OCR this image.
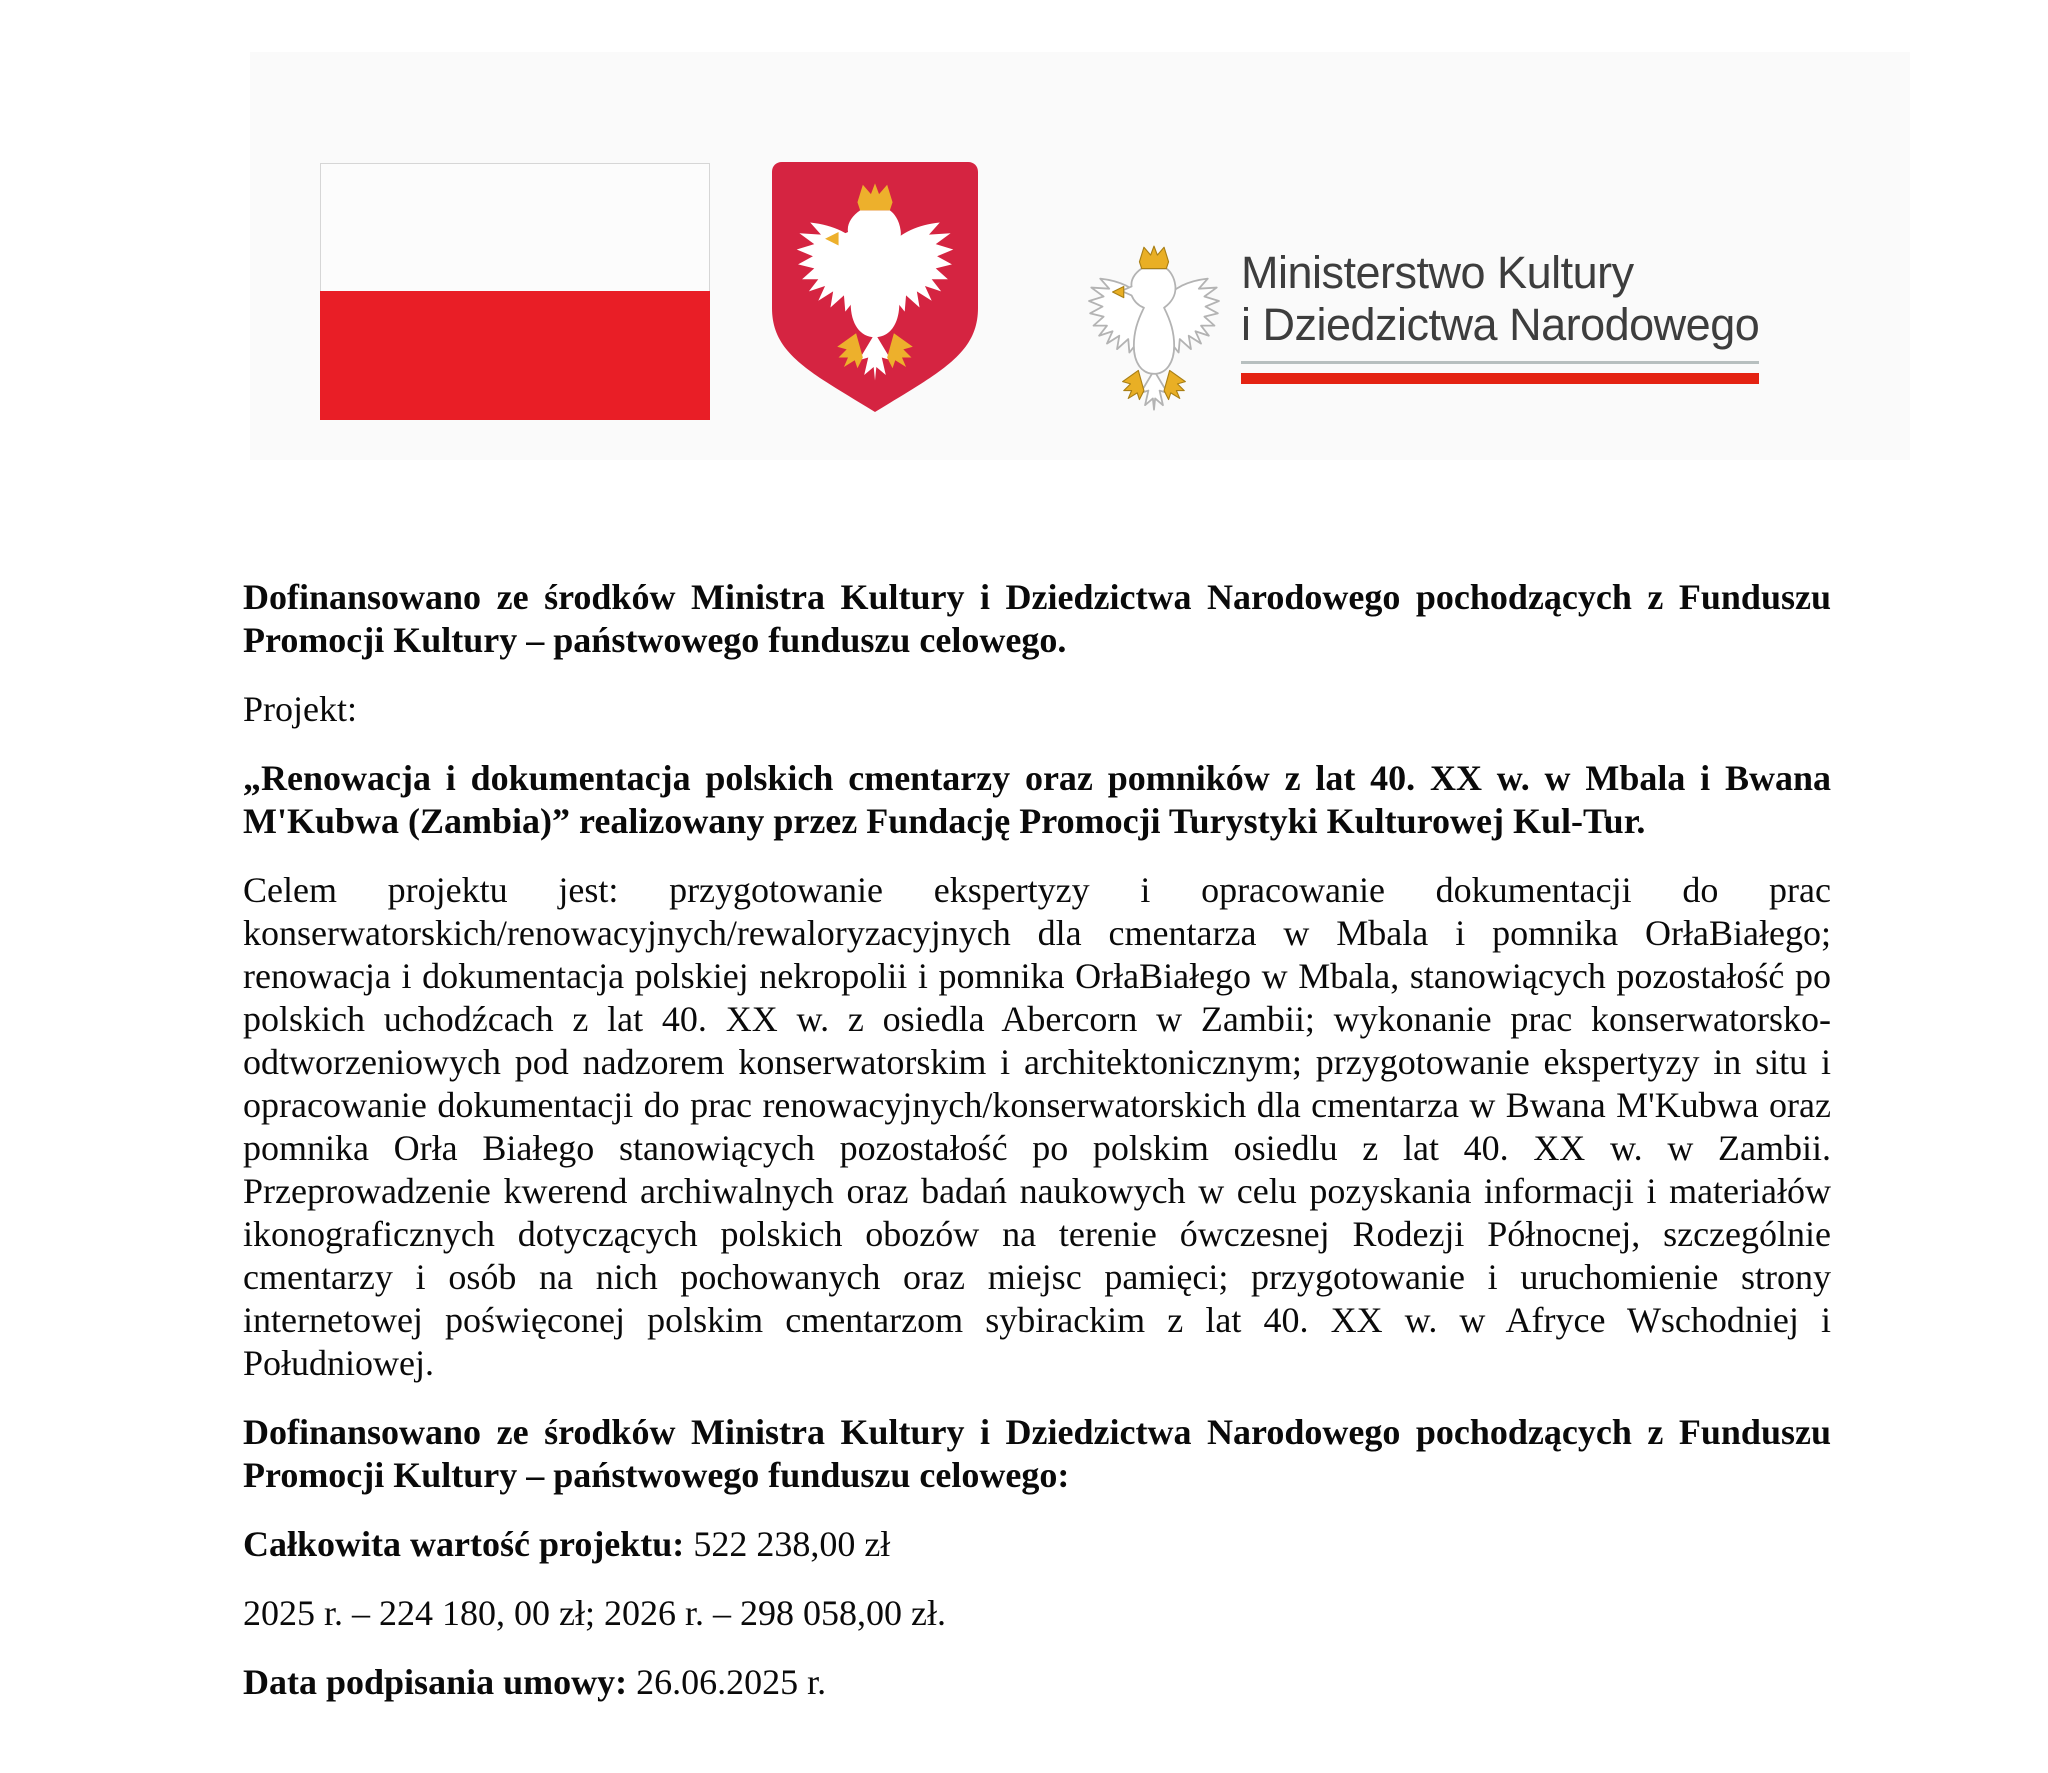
Ministerstwo Kultury
i Dziedzictwa Narodowego

Dofinansowano ze środków Ministra Kultury i Dziedzictwa Narodowego pochodzących z Funduszu Promocji Kultury – państwowego funduszu celowego.

Projekt:

„Renowacja i dokumentacja polskich cmentarzy oraz pomników z lat 40. XX w. w Mbala i Bwana M'Kubwa (Zambia)” realizowany przez Fundację Promocji Turystyki Kulturowej Kul-Tur.

Celem projektu jest: przygotowanie ekspertyzy i opracowanie dokumentacji do prac konserwatorskich/renowacyjnych/rewaloryzacyjnych dla cmentarza w Mbala i pomnika OrłaBiałego; renowacja i dokumentacja polskiej nekropolii i pomnika OrłaBiałego w Mbala, stanowiących pozostałość po polskich uchodźcach z lat 40. XX w. z osiedla Abercorn w Zambii; wykonanie prac konserwatorsko-odtworzeniowych pod nadzorem konserwatorskim i architektonicznym; przygotowanie ekspertyzy in situ i opracowanie dokumentacji do prac renowacyjnych/konserwatorskich dla cmentarza w Bwana M'Kubwa oraz pomnika Orła Białego stanowiących pozostałość po polskim osiedlu z lat 40. XX w. w Zambii. Przeprowadzenie kwerend archiwalnych oraz badań naukowych w celu pozyskania informacji i materiałów ikonograficznych dotyczących polskich obozów na terenie ówczesnej Rodezji Północnej, szczególnie cmentarzy i osób na nich pochowanych oraz miejsc pamięci; przygotowanie i uruchomienie strony internetowej poświęconej polskim cmentarzom sybirackim z lat 40. XX w. w Afryce Wschodniej i Południowej.

Dofinansowano ze środków Ministra Kultury i Dziedzictwa Narodowego pochodzących z Funduszu Promocji Kultury – państwowego funduszu celowego:

Całkowita wartość projektu: 522 238,00 zł

2025 r. – 224 180, 00 zł; 2026 r. – 298 058,00 zł.

Data podpisania umowy: 26.06.2025 r.
